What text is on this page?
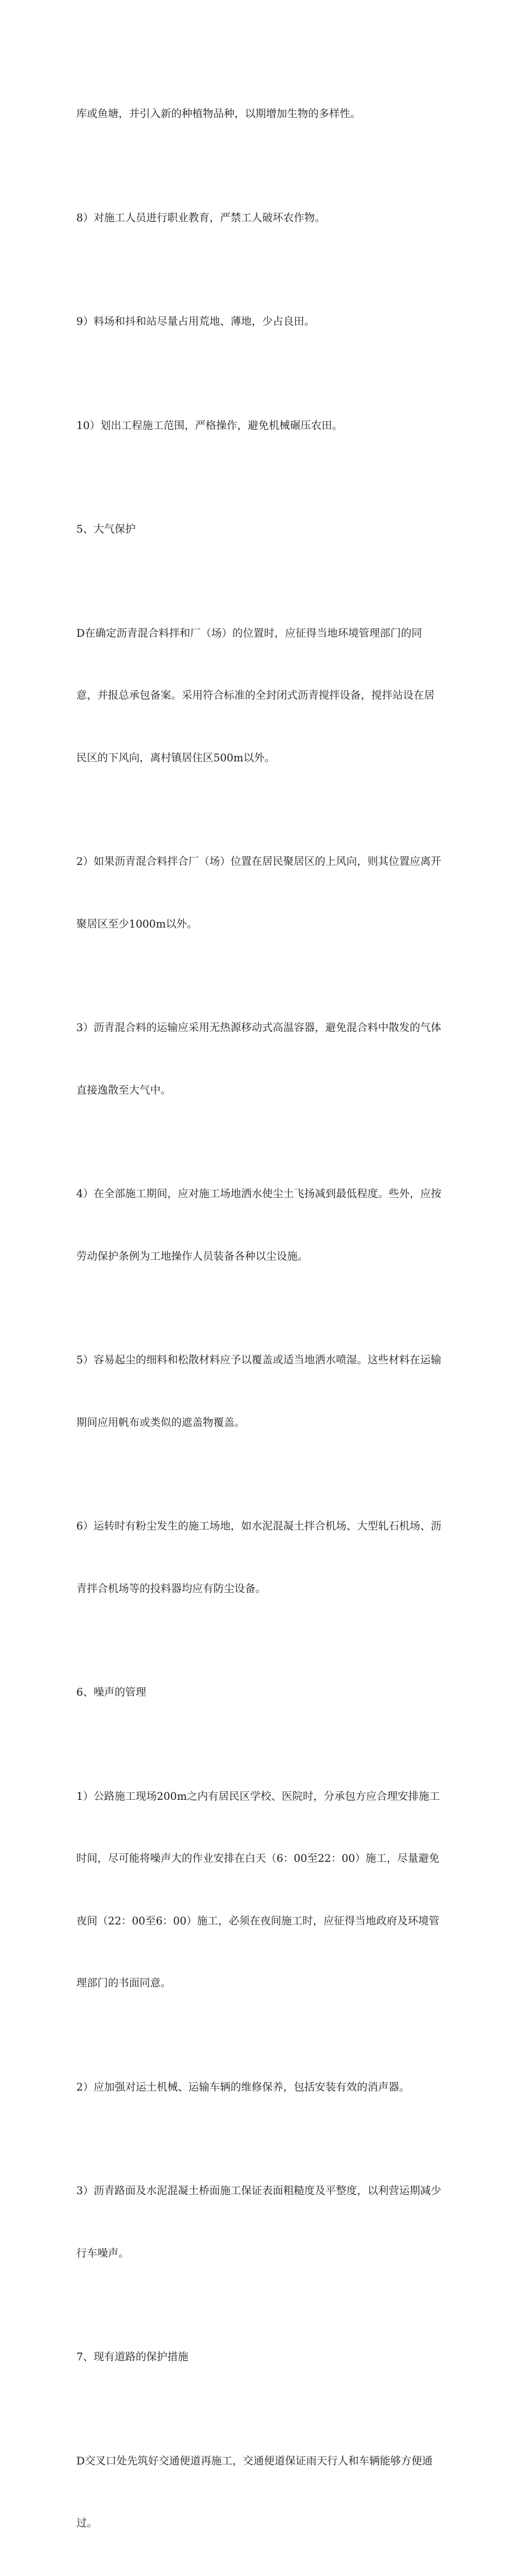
库或鱼塘，并引入新的种植物品种，以期增加生物的多样性。

8）对施工人员进行职业教育，严禁工人破坏农作物。

9）料场和抖和站尽量占用荒地、薄地，少占良田。

10）划出工程施工范围，严格操作，避免机械碾压农田。

5、大气保护

D在确定沥青混合料拌和厂（场）的位置时，应征得当地环境管理部门的同

意，并报总承包备案。采用符合标准的全封闭式沥青搅拌设备，搅拌站设在居

民区的下风向，离村镇居住区500m以外。

2）如果沥青混合料拌合厂（场）位置在居民聚居区的上风向，则其位置应离开

聚居区至少1000m以外。

3）沥青混合料的运输应采用无热源移动式高温容器，避免混合料中散发的气体

直接逸散至大气中。

4）在全部施工期间，应对施工场地洒水使尘土飞扬减到最低程度。些外，应按

劳动保护条例为工地操作人员装备各种以尘设施。

5）容易起尘的细料和松散材料应予以覆盖或适当地洒水喷湿。这些材料在运输

期间应用帆布或类似的遮盖物覆盖。

6）运转时有粉尘发生的施工场地，如水泥混凝土拌合机场、大型轧石机场、沥

青拌合机场等的投料器均应有防尘设备。

6、噪声的管理

1）公路施工现场200m之内有居民区学校、医院时，分承包方应合理安排施工

时间，尽可能将噪声大的作业安排在白天（6：00至22：00）施工，尽量避免

夜间（22：00至6：00）施工，必须在夜间施工时，应征得当地政府及环境管

理部门的书面同意。

2）应加强对运土机械、运输车辆的维修保养，包括安装有效的消声器。

3）沥青路面及水泥混凝土桥面施工保证表面粗糙度及平整度，以利营运期减少

行车噪声。

7、现有道路的保护措施

D交叉口处先筑好交通便道再施工，交通便道保证雨天行人和车辆能够方便通

过。
